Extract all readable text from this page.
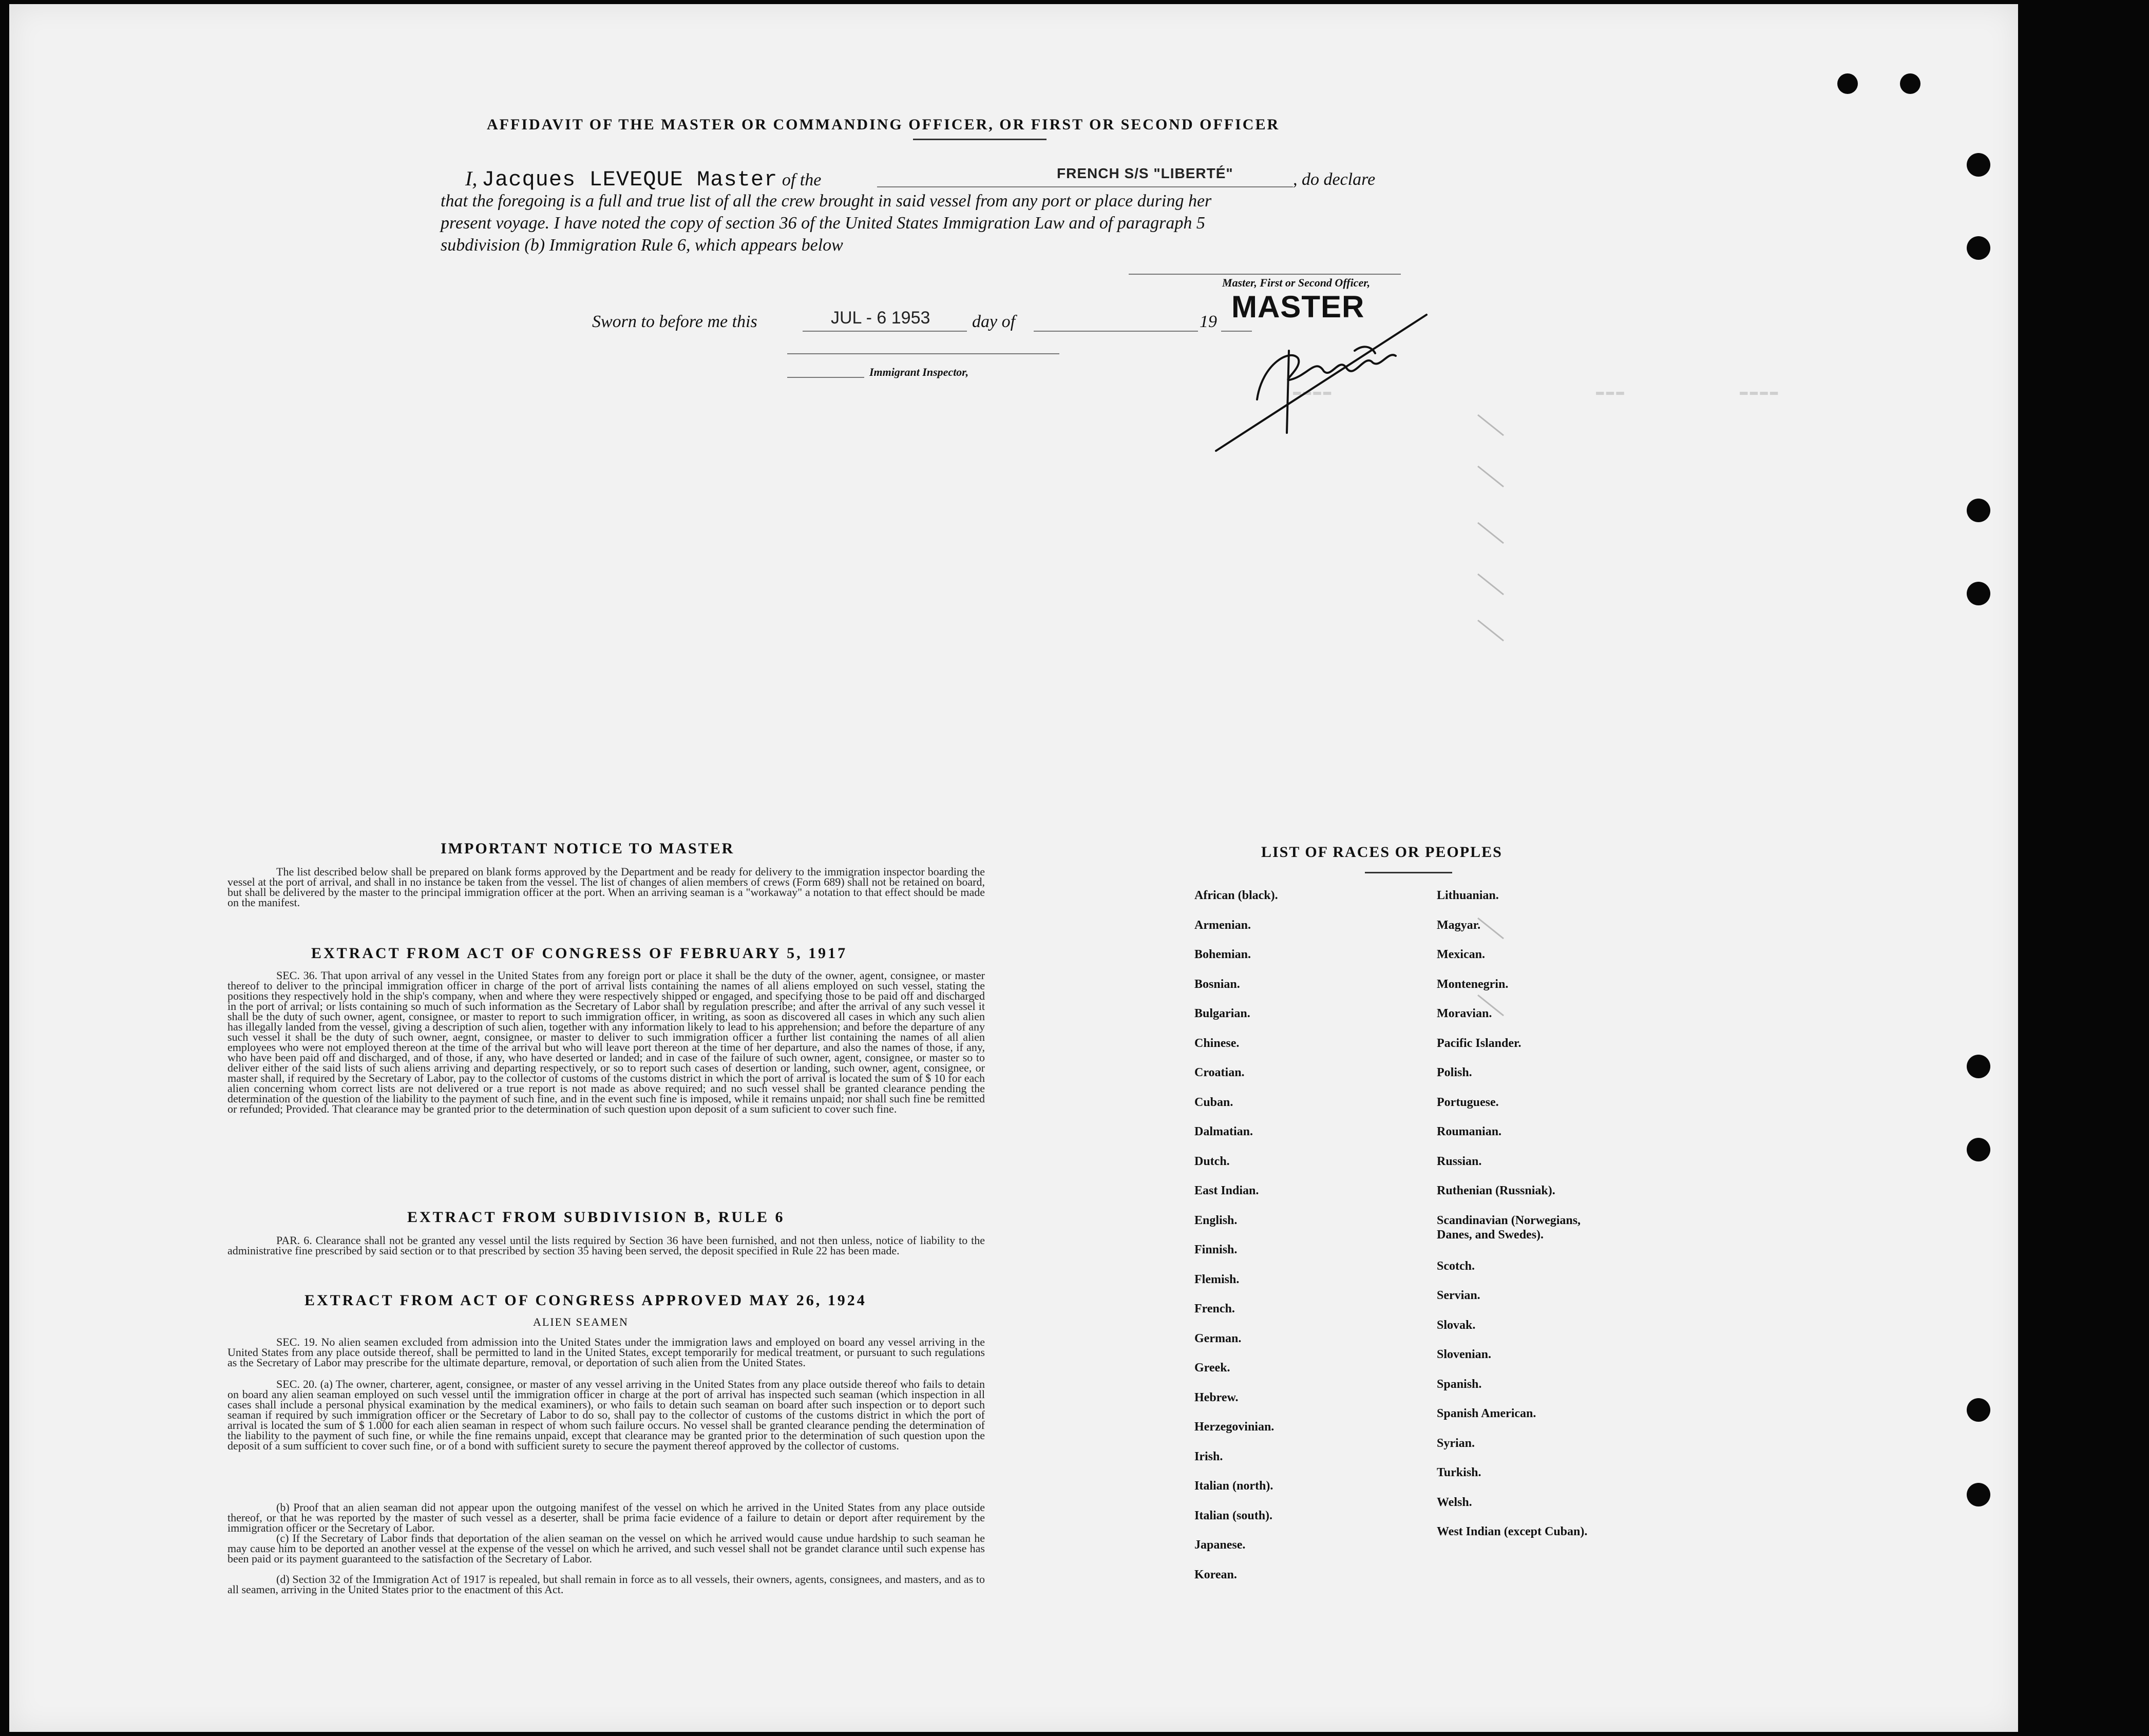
▬▬▬▬	▬▬▬	▬▬▬▬
AFFIDAVIT OF THE MASTER OR COMMANDING OFFICER, OR FIRST OR SECOND OFFICER
I, Jacques LEVEQUE Master of the	FRENCH S/S "LIBERTÉ"	, do declare
that the foregoing is a full and true list of all the crew brought in said vessel from any port or place during her
present voyage. I have noted the copy of section 36 of the United States Immigration Law and of paragraph 5
subdivision (b) Immigration Rule 6, which appears below
Master, First or Second Officer,
MASTER
Sworn to before me this	JUL - 6 1953 day of	19
Immigrant Inspector,
IMPORTANT NOTICE TO MASTER

The list described below shall be prepared on blank forms approved by the Department and be ready for delivery to the immigration inspector boarding the vessel at the port of arrival, and shall in no instance be taken from the vessel. The list of changes of alien members of crews (Form 689) shall not be retained on board, but shall be delivered by the master to the principal immigration officer at the port. When an arriving seaman is a "workaway" a notation to that effect should be made on the manifest.

EXTRACT FROM ACT OF CONGRESS OF FEBRUARY 5, 1917

SEC. 36. That upon arrival of any vessel in the United States from any foreign port or place it shall be the duty of the owner, agent, consignee, or master thereof to deliver to the principal immigration officer in charge of the port of arrival lists containing the names of all aliens employed on such vessel, stating the positions they respectively hold in the ship's company, when and where they were respectively shipped or engaged, and specifying those to be paid off and discharged in the port of arrival; or lists containing so much of such information as the Secretary of Labor shall by regulation prescribe; and after the arrival of any such vessel it shall be the duty of such owner, agent, consignee, or master to report to such immigration officer, in writing, as soon as discovered all cases in which any such alien has illegally landed from the vessel, giving a description of such alien, together with any information likely to lead to his apprehension; and before the departure of any such vessel it shall be the duty of such owner, aegnt, consignee, or master to deliver to such immigration officer a further list containing the names of all alien employees who were not employed thereon at the time of the arrival but who will leave port thereon at the time of her departure, and also the names of those, if any, who have been paid off and discharged, and of those, if any, who have deserted or landed; and in case of the failure of such owner, agent, consignee, or master so to deliver either of the said lists of such aliens arriving and departing respectively, or so to report such cases of desertion or landing, such owner, agent, consignee, or master shall, if required by the Secretary of Labor, pay to the collector of customs of the customs district in which the port of arrival is located the sum of $ 10 for each alien concerning whom correct lists are not delivered or a true report is not made as above required; and no such vessel shall be granted clearance pending the determination of the question of the liability to the payment of such fine, and in the event such fine is imposed, while it remains unpaid; nor shall such fine be remitted or refunded; Provided. That clearance may be granted prior to the determination of such question upon deposit of a sum suficient to cover such fine.

EXTRACT FROM SUBDIVISION B, RULE 6

PAR. 6. Clearance shall not be granted any vessel until the lists required by Section 36 have been furnished, and not then unless, notice of liability to the administrative fine prescribed by said section or to that prescribed by section 35 having been served, the deposit specified in Rule 22 has been made.

EXTRACT FROM ACT OF CONGRESS APPROVED MAY 26, 1924
ALIEN SEAMEN

SEC. 19. No alien seamen excluded from admission into the United States under the immigration laws and employed on board any vessel arriving in the United States from any place outside thereof, shall be permitted to land in the United States, except temporarily for medical treatment, or pursuant to such regulations as the Secretary of Labor may prescribe for the ultimate departure, removal, or deportation of such alien from the United States.

SEC. 20. (a) The owner, charterer, agent, consignee, or master of any vessel arriving in the United States from any place outside thereof who fails to detain on board any alien seaman employed on such vessel until the immigration officer in charge at the port of arrival has inspected such seaman (which inspection in all cases shall include a personal physical examination by the medical examiners), or who fails to detain such seaman on board after such inspection or to deport such seaman if required by such immigration officer or the Secretary of Labor to do so, shall pay to the collector of customs of the customs district in which the port of arrival is located the sum of $ 1.000 for each alien seaman in respect of whom such failure occurs. No vessel shall be granted clearance pending the determination of the liability to the payment of such fine, or while the fine remains unpaid, except that clearance may be granted prior to the determination of such question upon the deposit of a sum sufficient to cover such fine, or of a bond with sufficient surety to secure the payment thereof approved by the collector of customs.

(b) Proof that an alien seaman did not appear upon the outgoing manifest of the vessel on which he arrived in the United States from any place outside thereof, or that he was reported by the master of such vessel as a deserter, shall be prima facie evidence of a failure to detain or deport after requirement by the immigration officer or the Secretary of Labor.

(c) If the Secretary of Labor finds that deportation of the alien seaman on the vessel on which he arrived would cause undue hardship to such seaman he may cause him to be deported an another vessel at the expense of the vessel on which he arrived, and such vessel shall not be grandet clarance until such expense has been paid or its payment guaranteed to the satisfaction of the Secretary of Labor.

(d) Section 32 of the Immigration Act of 1917 is repealed, but shall remain in force as to all vessels, their owners, agents, consignees, and masters, and as to all seamen, arriving in the United States prior to the enactment of this Act.

LIST OF RACES OR PEOPLES
African (black).
Armenian.
Bohemian.
Bosnian.
Bulgarian.
Chinese.
Croatian.
Cuban.
Dalmatian.
Dutch.
East Indian.
English.
Finnish.
Flemish.
French.
German.
Greek.
Hebrew.
Herzegovinian.
Irish.
Italian (north).
Italian (south).
Japanese.
Korean.
Lithuanian.
Magyar.
Mexican.
Montenegrin.
Moravian.
Pacific Islander.
Polish.
Portuguese.
Roumanian.
Russian.
Ruthenian (Russniak).
Scandinavian (Norwegians, Danes, and Swedes).
Scotch.
Servian.
Slovak.
Slovenian.
Spanish.
Spanish American.
Syrian.
Turkish.
Welsh.
West Indian (except Cuban).
